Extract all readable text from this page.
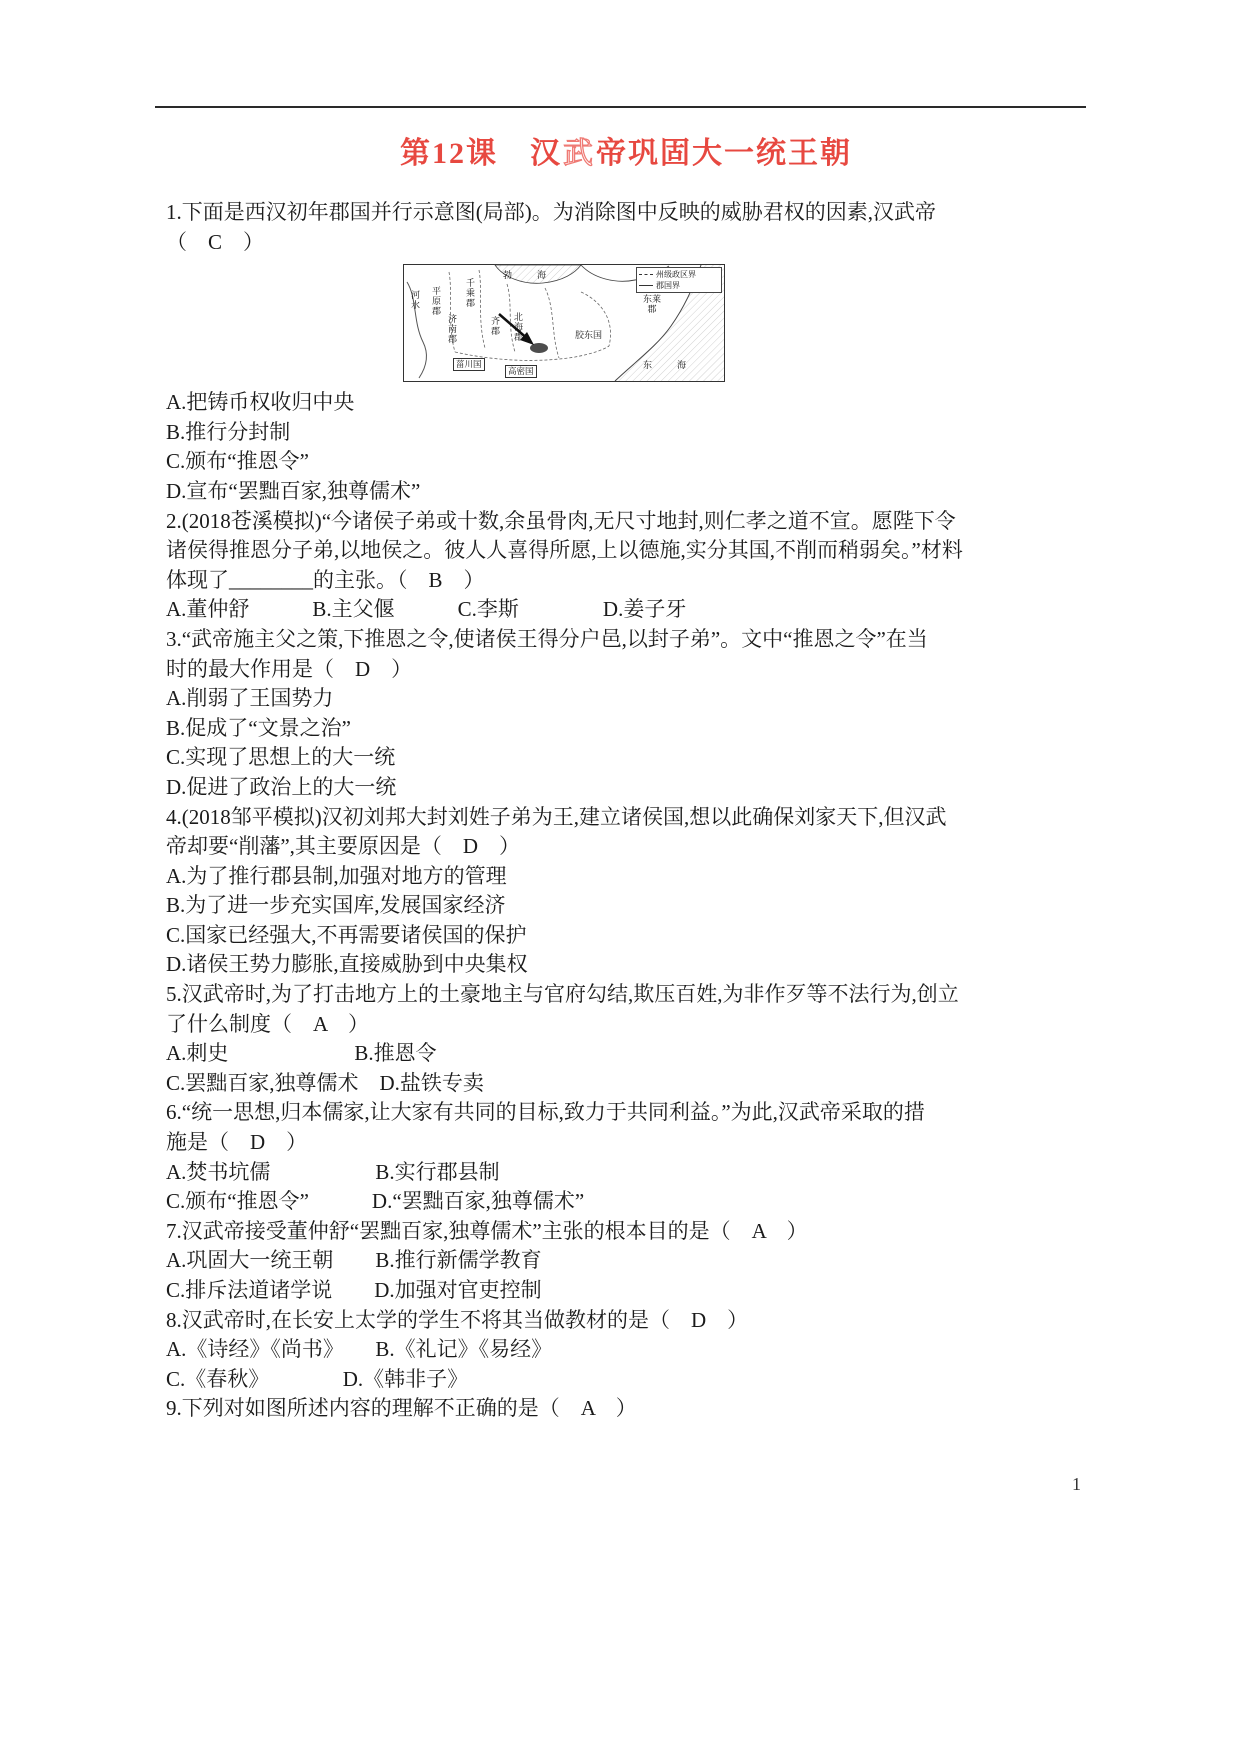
第12课　汉武帝巩固大一统王朝

1.下面是西汉初年郡国并行示意图(局部)。为消除图中反映的威胁君权的因素,汉武帝

（　C　）

州级政区界
郡国界
河水
勃　海
平原郡	千乘郡
济南郡	齐郡 北海郡	胶东国
东莱郡
菑川国
高密国
东　海

A.把铸币权收归中央

B.推行分封制

C.颁布“推恩令”

D.宣布“罢黜百家,独尊儒术”

2.(2018苍溪模拟)“今诸侯子弟或十数,余虽骨肉,无尺寸地封,则仁孝之道不宣。愿陛下令

诸侯得推恩分子弟,以地侯之。彼人人喜得所愿,上以德施,实分其国,不削而稍弱矣。”材料

体现了________的主张。（　B　）

A.董仲舒　　　B.主父偃　　　C.李斯　　　　D.姜子牙

3.“武帝施主父之策,下推恩之令,使诸侯王得分户邑,以封子弟”。文中“推恩之令”在当

时的最大作用是（　D　）

A.削弱了王国势力

B.促成了“文景之治”

C.实现了思想上的大一统

D.促进了政治上的大一统

4.(2018邹平模拟)汉初刘邦大封刘姓子弟为王,建立诸侯国,想以此确保刘家天下,但汉武

帝却要“削藩”,其主要原因是（　D　）

A.为了推行郡县制,加强对地方的管理

B.为了进一步充实国库,发展国家经济

C.国家已经强大,不再需要诸侯国的保护

D.诸侯王势力膨胀,直接威胁到中央集权

5.汉武帝时,为了打击地方上的土豪地主与官府勾结,欺压百姓,为非作歹等不法行为,创立

了什么制度（　A　）

A.刺史　　　　　　B.推恩令

C.罢黜百家,独尊儒术　D.盐铁专卖

6.“统一思想,归本儒家,让大家有共同的目标,致力于共同利益。”为此,汉武帝采取的措

施是（　D　）

A.焚书坑儒　　　　　B.实行郡县制

C.颁布“推恩令”　　　D.“罢黜百家,独尊儒术”

7.汉武帝接受董仲舒“罢黜百家,独尊儒术”主张的根本目的是（　A　）

A.巩固大一统王朝　　B.推行新儒学教育

C.排斥法道诸学说　　D.加强对官吏控制

8.汉武帝时,在长安上太学的学生不将其当做教材的是（　D　）

A.《诗经》《尚书》　　B.《礼记》《易经》

C.《春秋》　　　　D.《韩非子》

9.下列对如图所述内容的理解不正确的是（　A　）

1
